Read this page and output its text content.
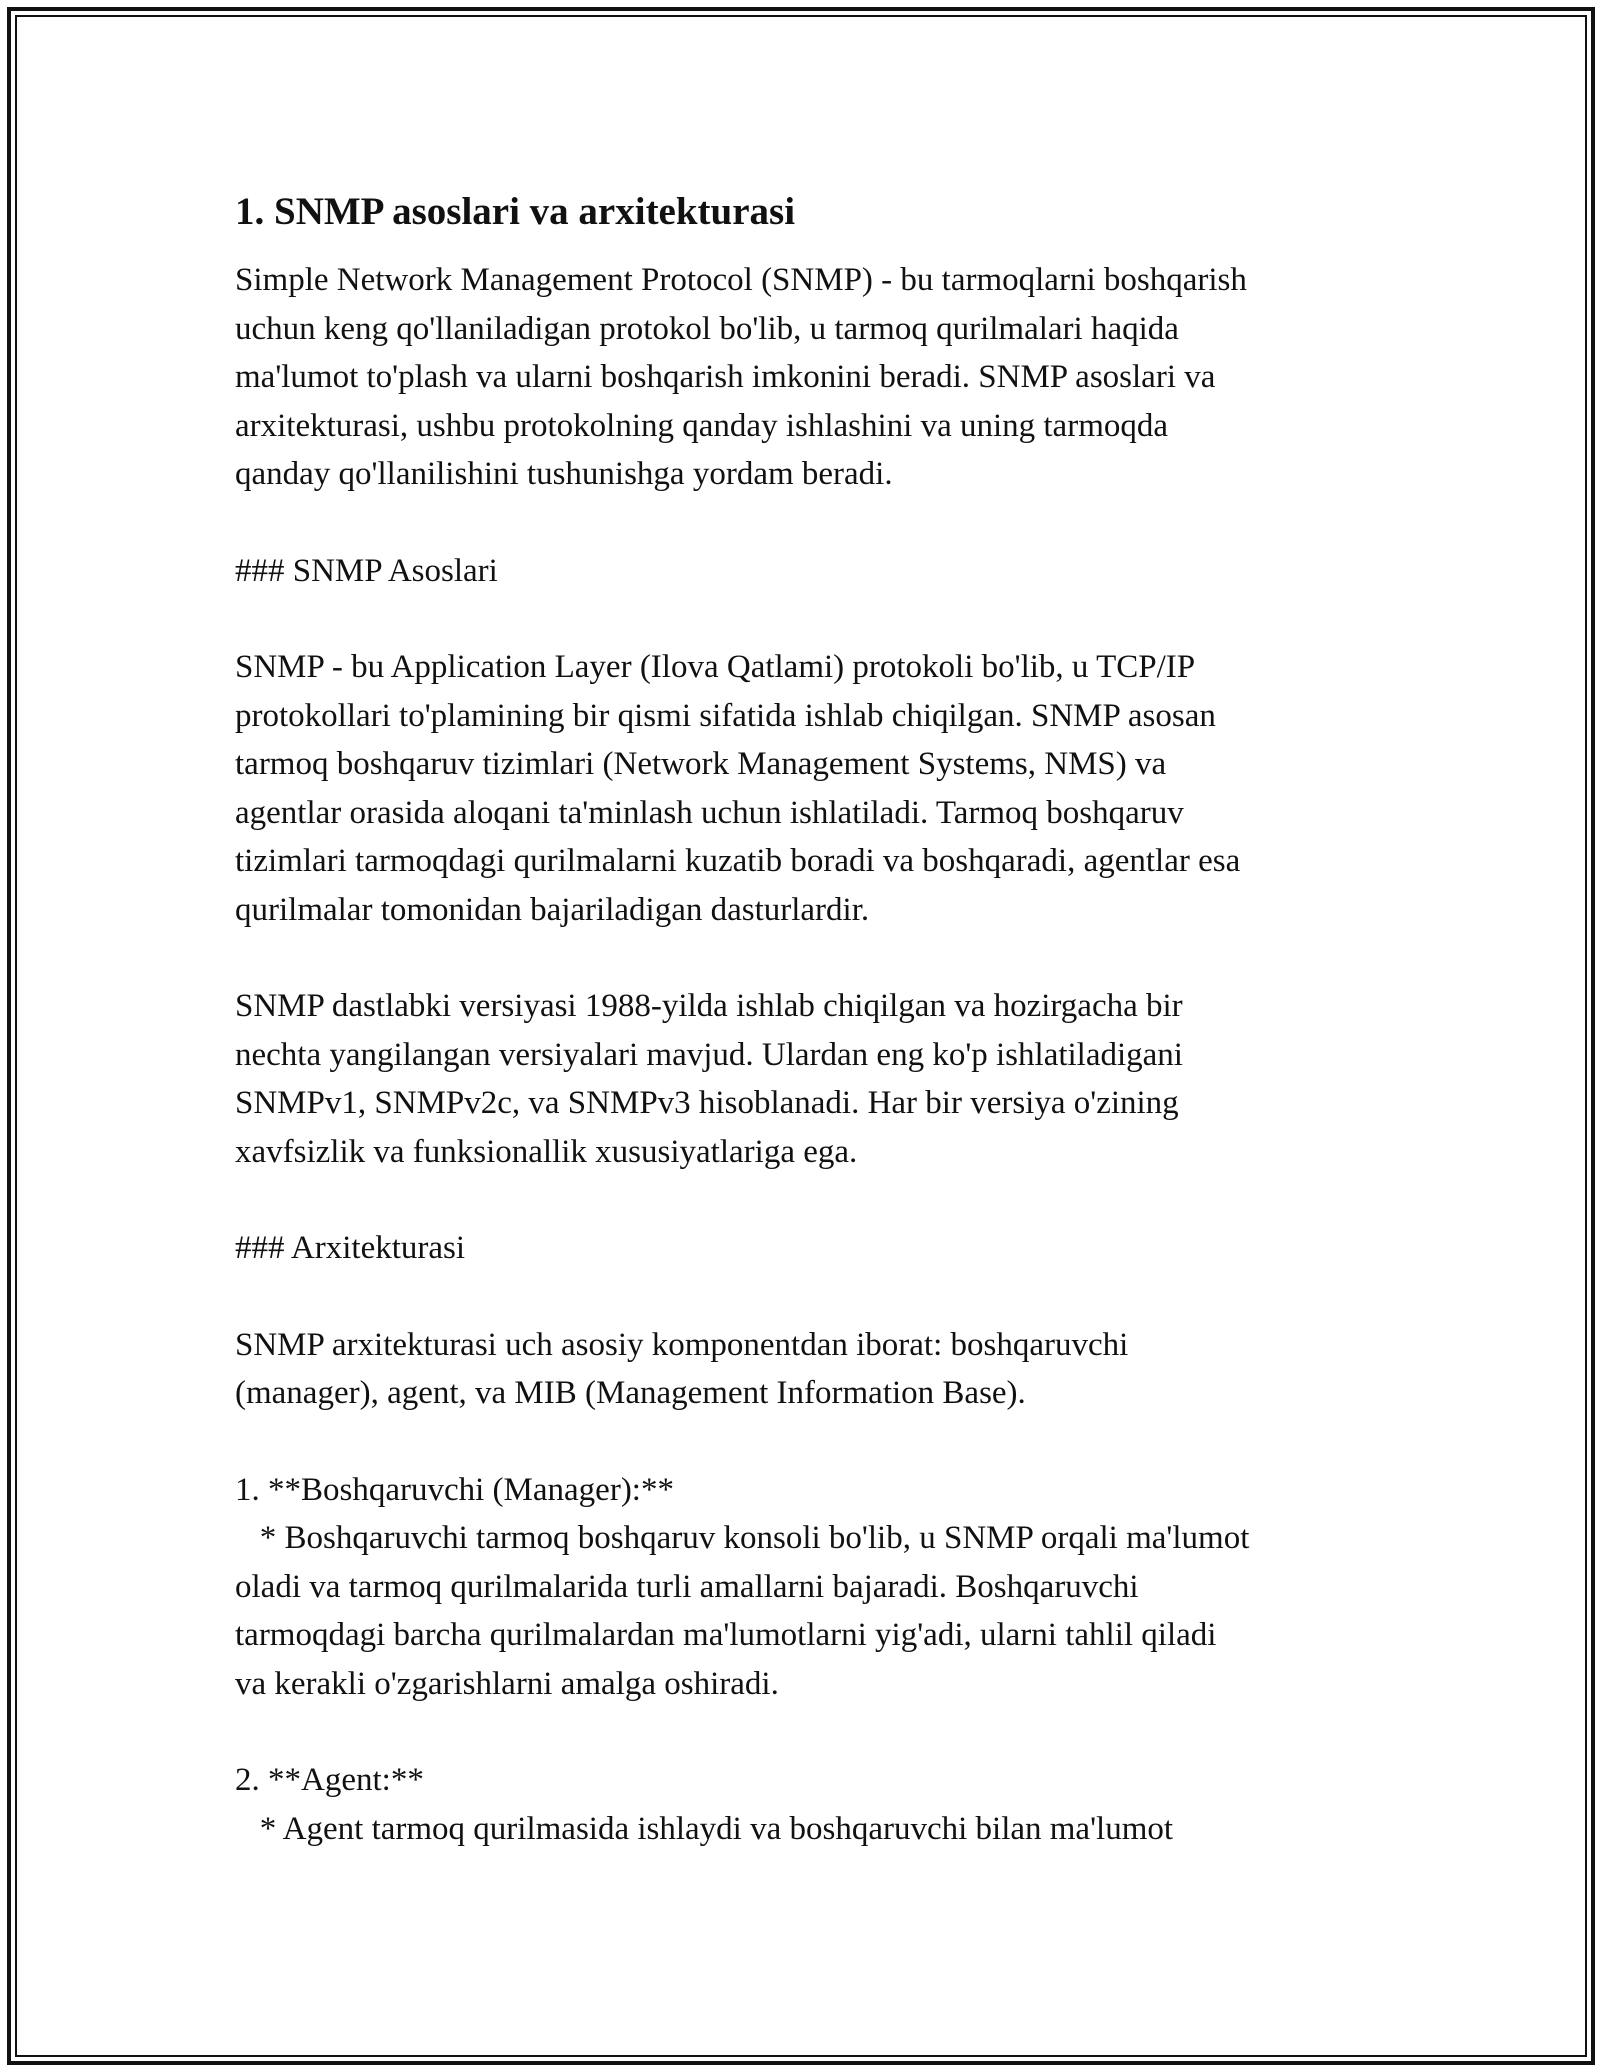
1. SNMP asoslari va arxitekturasi
Simple Network Management Protocol (SNMP) - bu tarmoqlarni boshqarish
uchun keng qo'llaniladigan protokol bo'lib, u tarmoq qurilmalari haqida
ma'lumot to'plash va ularni boshqarish imkonini beradi. SNMP asoslari va
arxitekturasi, ushbu protokolning qanday ishlashini va uning tarmoqda
qanday qo'llanilishini tushunishga yordam beradi.
### SNMP Asoslari
SNMP - bu Application Layer (Ilova Qatlami) protokoli bo'lib, u TCP/IP
protokollari to'plamining bir qismi sifatida ishlab chiqilgan. SNMP asosan
tarmoq boshqaruv tizimlari (Network Management Systems, NMS) va
agentlar orasida aloqani ta'minlash uchun ishlatiladi. Tarmoq boshqaruv
tizimlari tarmoqdagi qurilmalarni kuzatib boradi va boshqaradi, agentlar esa
qurilmalar tomonidan bajariladigan dasturlardir.
SNMP dastlabki versiyasi 1988-yilda ishlab chiqilgan va hozirgacha bir
nechta yangilangan versiyalari mavjud. Ulardan eng ko'p ishlatiladigani
SNMPv1, SNMPv2c, va SNMPv3 hisoblanadi. Har bir versiya o'zining
xavfsizlik va funksionallik xususiyatlariga ega.
### Arxitekturasi
SNMP arxitekturasi uch asosiy komponentdan iborat: boshqaruvchi
(manager), agent, va MIB (Management Information Base).
1. **Boshqaruvchi (Manager):**
* Boshqaruvchi tarmoq boshqaruv konsoli bo'lib, u SNMP orqali ma'lumot
oladi va tarmoq qurilmalarida turli amallarni bajaradi. Boshqaruvchi
tarmoqdagi barcha qurilmalardan ma'lumotlarni yig'adi, ularni tahlil qiladi
va kerakli o'zgarishlarni amalga oshiradi.
2. **Agent:**
* Agent tarmoq qurilmasida ishlaydi va boshqaruvchi bilan ma'lumot
